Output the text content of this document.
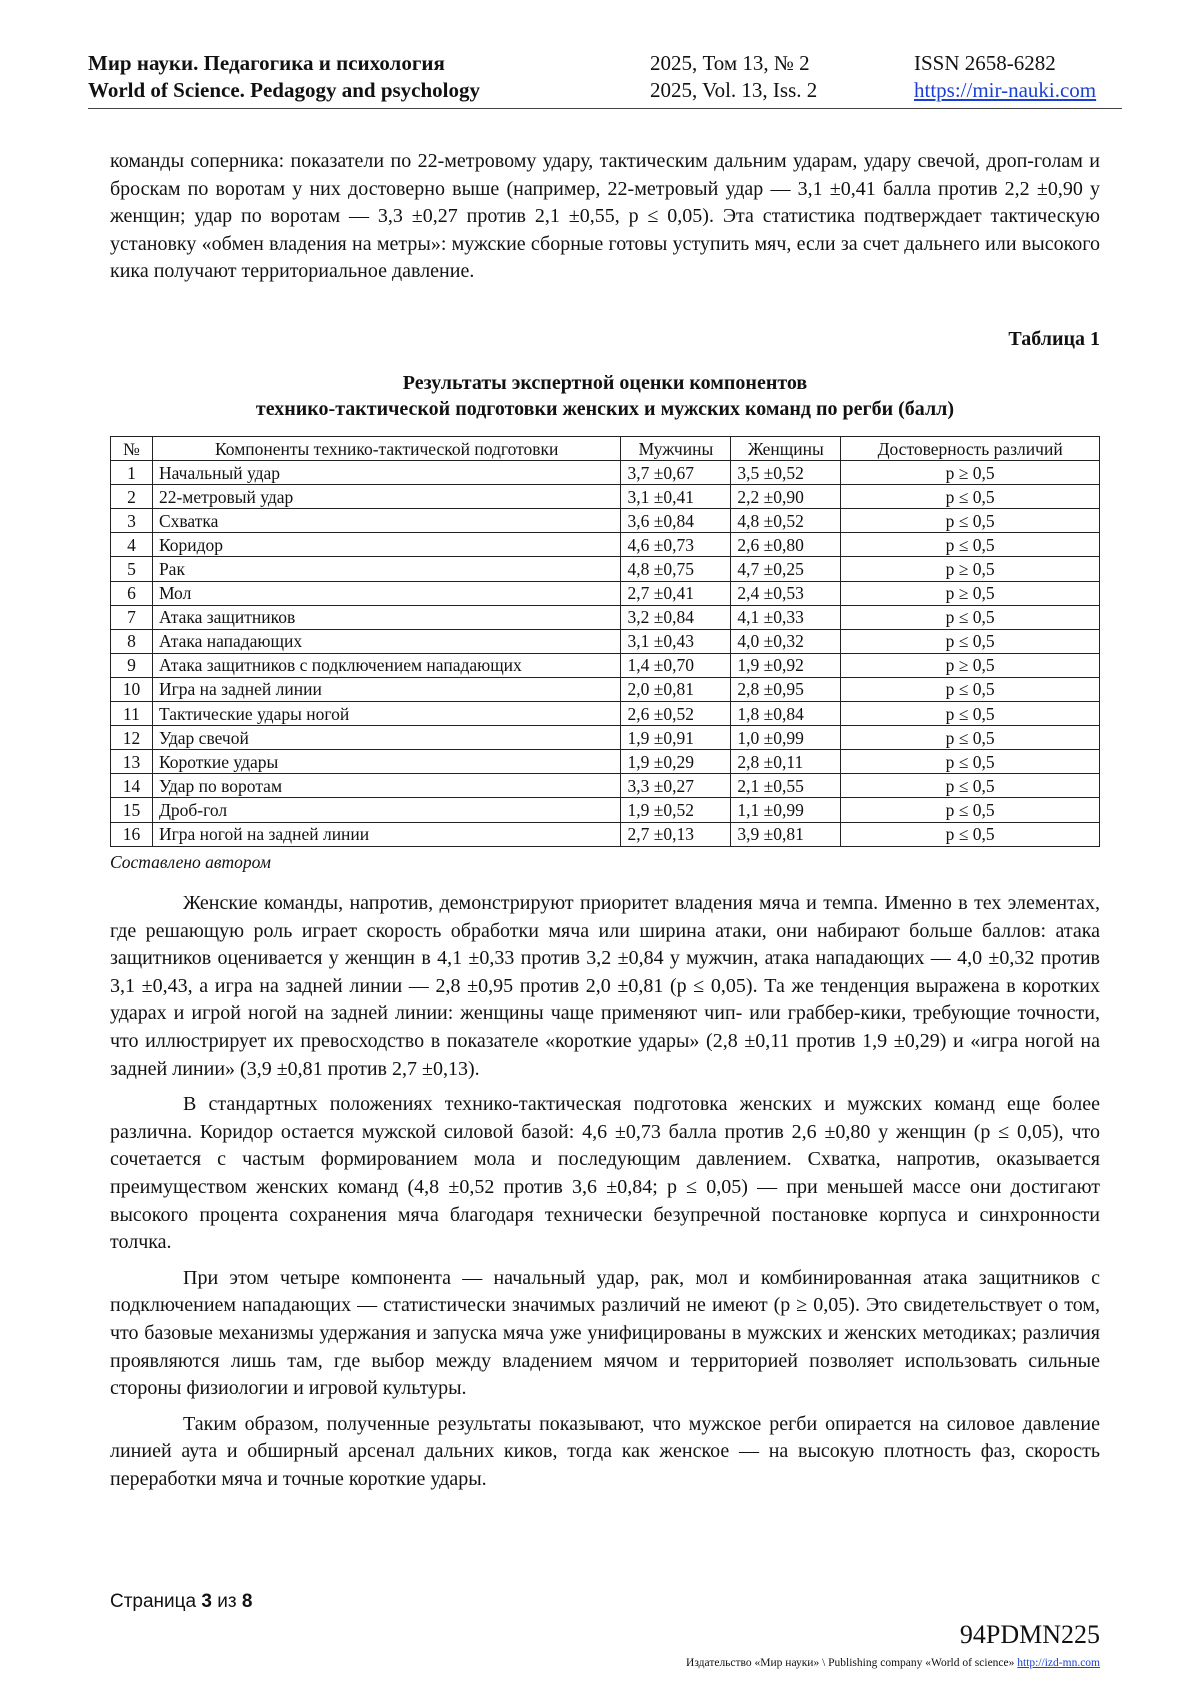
Мир науки. Педагогика и психология
World of Science. Pedagogy and psychology
2025, Том 13, № 2
2025, Vol. 13, Iss. 2
ISSN 2658-6282
https://mir-nauki.com

команды соперника: показатели по 22-метровому удару, тактическим дальним ударам, удару свечой, дроп-голам и броскам по воротам у них достоверно выше (например, 22-метровый удар — 3,1 ±0,41 балла против 2,2 ±0,90 у женщин; удар по воротам — 3,3 ±0,27 против 2,1 ±0,55, p ≤ 0,05). Эта статистика подтверждает тактическую установку «обмен владения на метры»: мужские сборные готовы уступить мяч, если за счет дальнего или высокого кика получают территориальное давление.

Таблица 1
Результаты экспертной оценки компонентов
технико-тактической подготовки женских и мужских команд по регби (балл)
№	Компоненты технико-тактической подготовки	Мужчины	Женщины	Достоверность различий
1	Начальный удар	3,7 ±0,67	3,5 ±0,52	p ≥ 0,5
2	22-метровый удар	3,1 ±0,41	2,2 ±0,90	p ≤ 0,5
3	Схватка	3,6 ±0,84	4,8 ±0,52	p ≤ 0,5
4	Коридор	4,6 ±0,73	2,6 ±0,80	p ≤ 0,5
5	Рак	4,8 ±0,75	4,7 ±0,25	p ≥ 0,5
6	Мол	2,7 ±0,41	2,4 ±0,53	p ≥ 0,5
7	Атака защитников	3,2 ±0,84	4,1 ±0,33	p ≤ 0,5
8	Атака нападающих	3,1 ±0,43	4,0 ±0,32	p ≤ 0,5
9	Атака защитников с подключением нападающих	1,4 ±0,70	1,9 ±0,92	p ≥ 0,5
10	Игра на задней линии	2,0 ±0,81	2,8 ±0,95	p ≤ 0,5
11	Тактические удары ногой	2,6 ±0,52	1,8 ±0,84	p ≤ 0,5
12	Удар свечой	1,9 ±0,91	1,0 ±0,99	p ≤ 0,5
13	Короткие удары	1,9 ±0,29	2,8 ±0,11	p ≤ 0,5
14	Удар по воротам	3,3 ±0,27	2,1 ±0,55	p ≤ 0,5
15	Дроб-гол	1,9 ±0,52	1,1 ±0,99	p ≤ 0,5
16	Игра ногой на задней линии	2,7 ±0,13	3,9 ±0,81	p ≤ 0,5
Составлено автором

Женские команды, напротив, демонстрируют приоритет владения мяча и темпа. Именно в тех элементах, где решающую роль играет скорость обработки мяча или ширина атаки, они набирают больше баллов: атака защитников оценивается у женщин в 4,1 ±0,33 против 3,2 ±0,84 у мужчин, атака нападающих — 4,0 ±0,32 против 3,1 ±0,43, а игра на задней линии — 2,8 ±0,95 против 2,0 ±0,81 (p ≤ 0,05). Та же тенденция выражена в коротких ударах и игрой ногой на задней линии: женщины чаще применяют чип- или граббер-кики, требующие точности, что иллюстрирует их превосходство в показателе «короткие удары» (2,8 ±0,11 против 1,9 ±0,29) и «игра ногой на задней линии» (3,9 ±0,81 против 2,7 ±0,13).

В стандартных положениях технико-тактическая подготовка женских и мужских команд еще более различна. Коридор остается мужской силовой базой: 4,6 ±0,73 балла против 2,6 ±0,80 у женщин (p ≤ 0,05), что сочетается с частым формированием мола и последующим давлением. Схватка, напротив, оказывается преимуществом женских команд (4,8 ±0,52 против 3,6 ±0,84; p ≤ 0,05) — при меньшей массе они достигают высокого процента сохранения мяча благодаря технически безупречной постановке корпуса и синхронности толчка.

При этом четыре компонента — начальный удар, рак, мол и комбинированная атака защитников с подключением нападающих — статистически значимых различий не имеют (p ≥ 0,05). Это свидетельствует о том, что базовые механизмы удержания и запуска мяча уже унифицированы в мужских и женских методиках; различия проявляются лишь там, где выбор между владением мячом и территорией позволяет использовать сильные стороны физиологии и игровой культуры.

Таким образом, полученные результаты показывают, что мужское регби опирается на силовое давление линией аута и обширный арсенал дальних киков, тогда как женское — на высокую плотность фаз, скорость переработки мяча и точные короткие удары.

Страница 3 из 8
94PDMN225
Издательство «Мир науки» \ Publishing company «World of science» http://izd-mn.com
